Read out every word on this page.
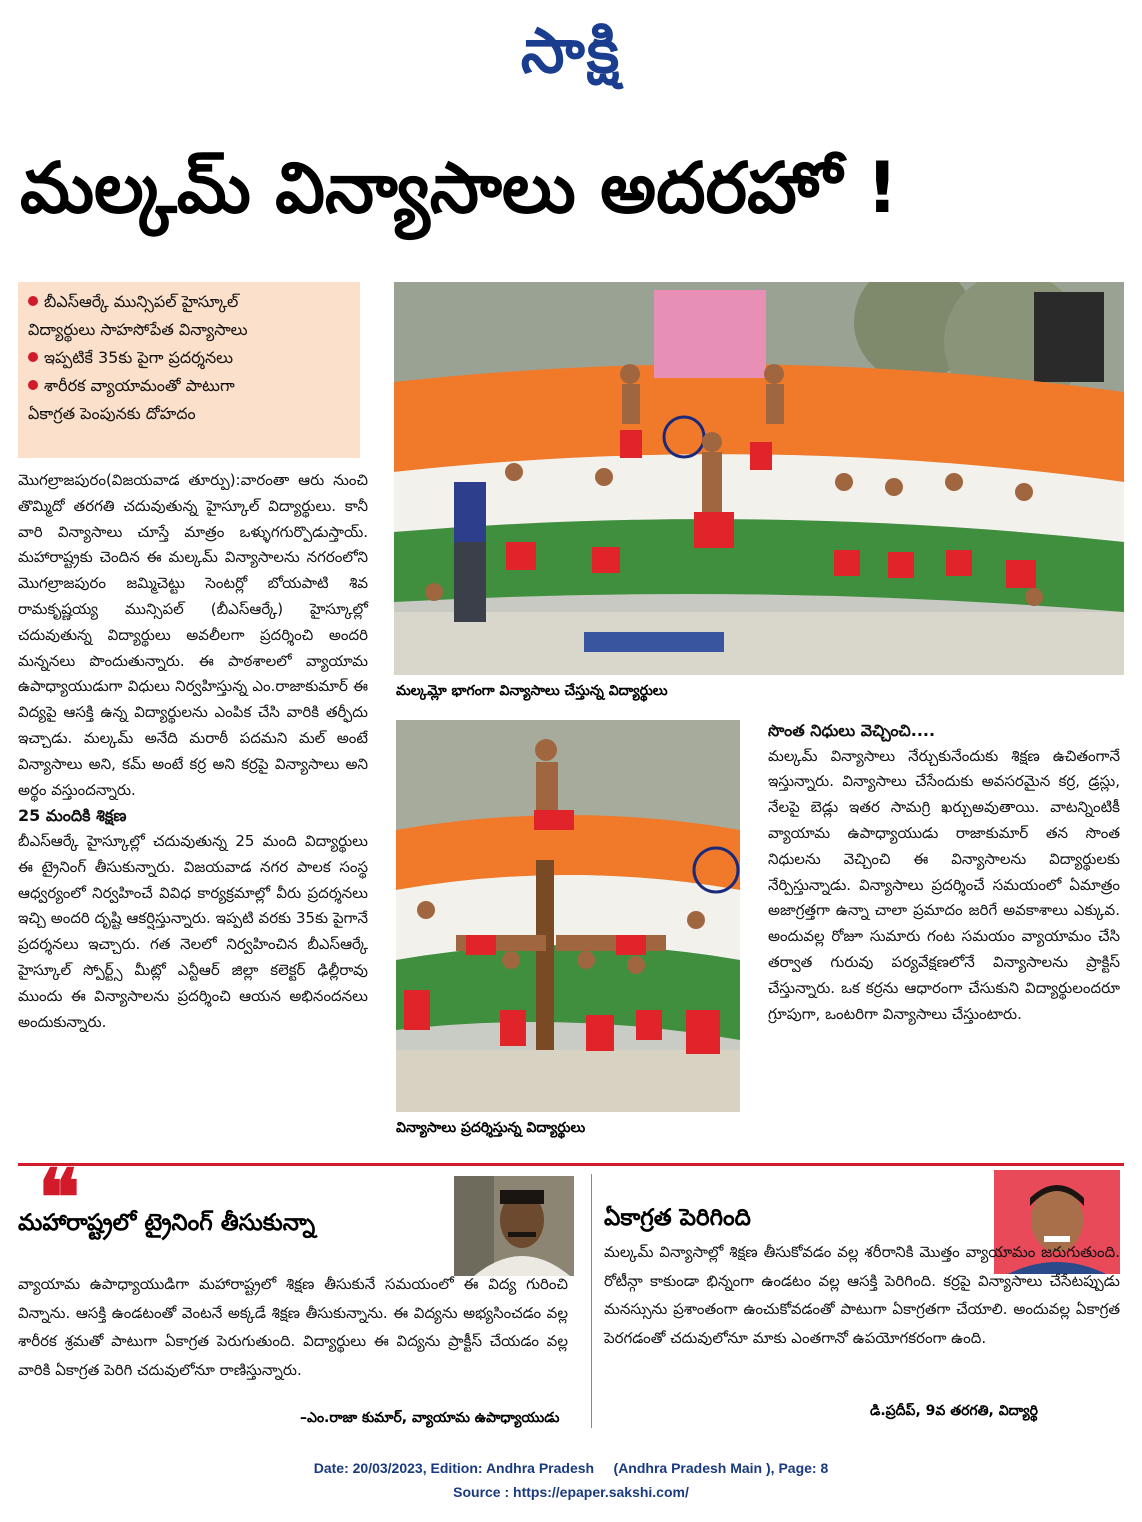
సాక్షి
మల్కమ్ విన్యాసాలు అదరహో !
బీఎస్ఆర్కే మున్సిపల్ హైస్కూల్
విద్యార్థులు సాహసోపేత విన్యాసాలు
ఇప్పటికే 35కు పైగా ప్రదర్శనలు
శారీరక వ్యాయామంతో పాటుగా
ఏకాగ్రత పెంపునకు దోహదం

మొగల్రాజపురం(విజయవాడ తూర్పు):వారంతా ఆరు నుంచి తొమ్మిదో తరగతి చదువుతున్న హైస్కూల్ విద్యార్థులు. కానీ వారి విన్యాసాలు చూస్తే మాత్రం ఒళ్ళుగగుర్పొడుస్తాయ్. మహారాష్ట్రకు చెందిన ఈ మల్కమ్ విన్యాసాలను నగరంలోని మొగల్రాజపురం జమ్మిచెట్టు సెంటర్లో బోయపాటి శివ రామకృష్ణయ్య మున్సిపల్ (బీఎస్ఆర్కే) హైస్కూల్లో చదువుతున్న విద్యార్థులు అవలీలగా ప్రదర్శించి అందరి మన్ననలు పొందుతున్నారు. ఈ పాఠశాలలో వ్యాయామ ఉపాధ్యాయుడుగా విధులు నిర్వహిస్తున్న ఎం.రాజాకుమార్ ఈ విద్యపై ఆసక్తి ఉన్న విద్యార్థులను ఎంపిక చేసి వారికి తర్ఫీదు ఇచ్చాడు. మల్కమ్ అనేది మరాఠీ పదమని మల్ అంటే విన్యాసాలు అని, కమ్ అంటే కర్ర అని కర్రపై విన్యాసాలు అని అర్థం వస్తుందన్నారు.

25 మందికి శిక్షణ

బీఎస్ఆర్కే హైస్కూల్లో చదువుతున్న 25 మంది విద్యార్థులు ఈ ట్రైనింగ్ తీసుకున్నారు. విజయవాడ నగర పాలక సంస్థ ఆధ్వర్యంలో నిర్వహించే వివిధ కార్యక్రమాల్లో వీరు ప్రదర్శనలు ఇచ్చి అందరి దృష్టి ఆకర్షిస్తున్నారు. ఇప్పటి వరకు 35కు పైగానే ప్రదర్శనలు ఇచ్చారు. గత నెలలో నిర్వహించిన బీఎస్ఆర్కే హైస్కూల్ స్పోర్ట్స్ మీట్లో ఎన్టీఆర్ జిల్లా కలెక్టర్ ఢిల్లీరావు ముందు ఈ విన్యాసాలను ప్రదర్శించి ఆయన అభినందనలు అందుకున్నారు.

మల్కమ్లో భాగంగా విన్యాసాలు చేస్తున్న విద్యార్థులు
విన్యాసాలు ప్రదర్శిస్తున్న విద్యార్థులు
సొంత నిధులు వెచ్చించి....

మల్కమ్ విన్యాసాలు నేర్చుకునేందుకు శిక్షణ ఉచితంగానే ఇస్తున్నారు. విన్యాసాలు చేసేందుకు అవసరమైన కర్ర, డ్రస్లు, నేలపై బెడ్లు ఇతర సామగ్రి ఖర్చుఅవుతాయి. వాటన్నింటికీ వ్యాయామ ఉపాధ్యాయుడు రాజాకుమార్ తన సొంత నిధులను వెచ్చించి ఈ విన్యాసాలను విద్యార్థులకు నేర్పిస్తున్నాడు. విన్యాసాలు ప్రదర్శించే సమయంలో ఏమాత్రం అజాగ్రత్తగా ఉన్నా చాలా ప్రమాదం జరిగే అవకాశాలు ఎక్కువ. అందువల్ల రోజూ సుమారు గంట సమయం వ్యాయామం చేసి తర్వాత గురువు పర్యవేక్షణలోనే విన్యాసాలను ప్రాక్టిస్ చేస్తున్నారు. ఒక కర్రను ఆధారంగా చేసుకుని విద్యార్థులందరూ గ్రూపుగా, ఒంటరిగా విన్యాసాలు చేస్తుంటారు.

❝
మహారాష్ట్రలో ట్రైనింగ్ తీసుకున్నా
వ్యాయామ ఉపాధ్యాయుడిగా మహారాష్ట్రలో శిక్షణ తీసుకునే సమయంలో ఈ విద్య గురించి విన్నాను. ఆసక్తి ఉండటంతో వెంటనే అక్కడే శిక్షణ తీసుకున్నాను. ఈ విద్యను అభ్యసించడం వల్ల శారీరక శ్రమతో పాటుగా ఏకాగ్రత పెరుగుతుంది. విద్యార్థులు ఈ విద్యను ప్రాక్టీస్ చేయడం వల్ల వారికి ఏకాగ్రత పెరిగి చదువులోనూ రాణిస్తున్నారు.
–ఎం.రాజా కుమార్, వ్యాయామ ఉపాధ్యాయుడు
ఏకాగ్రత పెరిగింది
మల్కమ్ విన్యాసాల్లో శిక్షణ తీసుకోవడం వల్ల శరీరానికి మొత్తం వ్యాయామం జరుగుతుంది. రోటీన్గా కాకుండా భిన్నంగా ఉండటం వల్ల ఆసక్తి పెరిగింది. కర్రపై విన్యాసాలు చేసేటప్పుడు మనస్సును ప్రశాంతంగా ఉంచుకోవడంతో పాటుగా ఏకాగ్రతగా చేయాలి. అందువల్ల ఏకాగ్రత పెరగడంతో చదువులోనూ మాకు ఎంతగానో ఉపయోగకరంగా ఉంది.
డి.ప్రదీప్, 9వ తరగతి, విద్యార్థి
Date: 20/03/2023, Edition: Andhra Pradesh     (Andhra Pradesh Main ), Page: 8
Source : https://epaper.sakshi.com/
